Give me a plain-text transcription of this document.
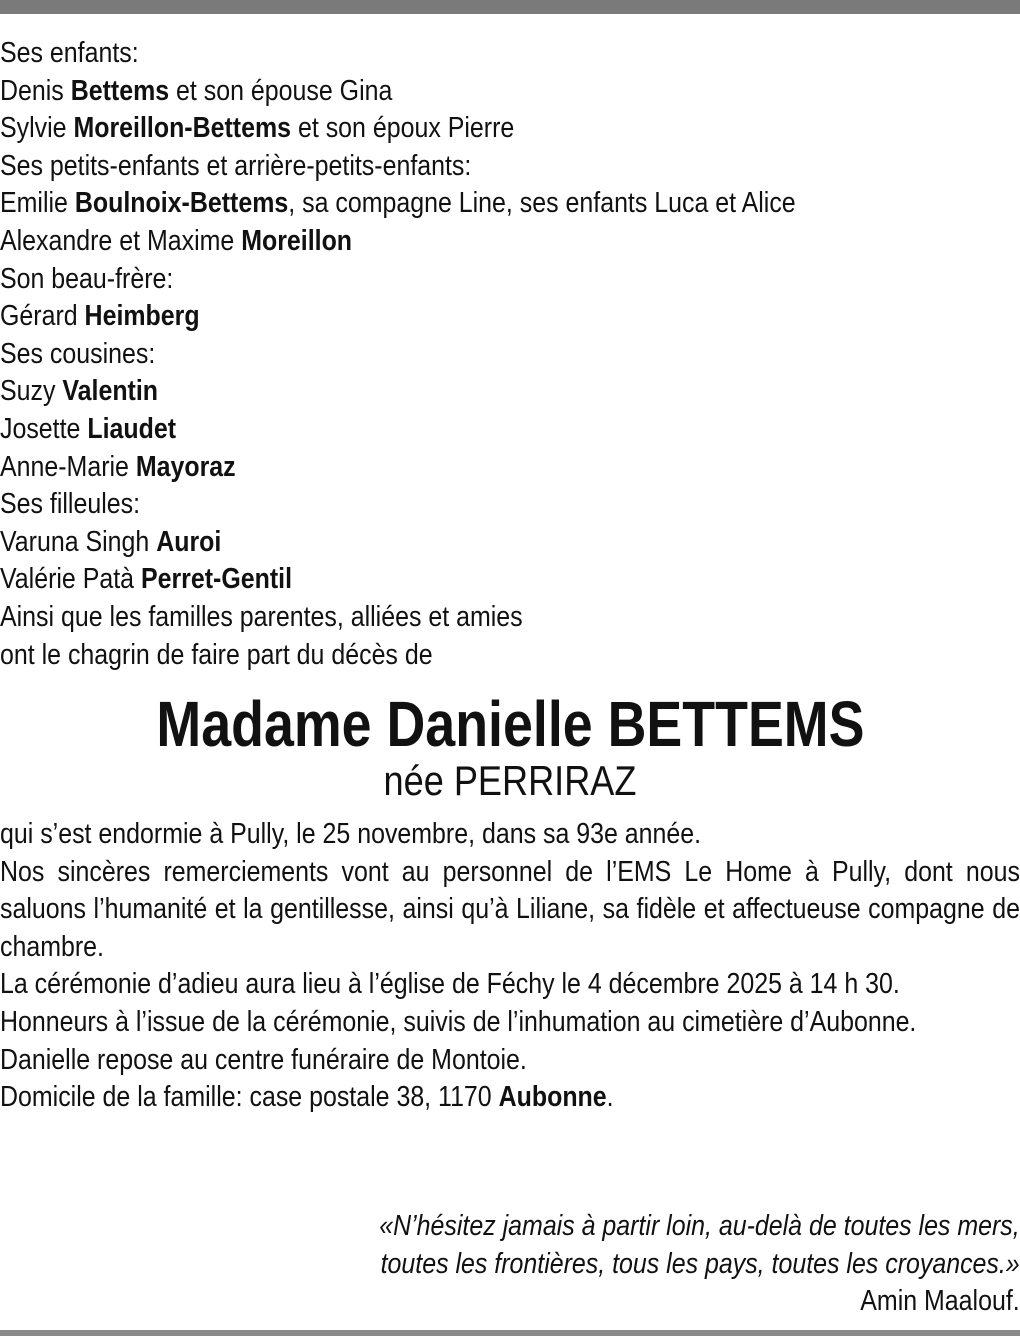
Ses enfants:
Denis Bettems et son épouse Gina
Sylvie Moreillon-Bettems et son époux Pierre
Ses petits-enfants et arrière-petits-enfants:
Emilie Boulnoix-Bettems, sa compagne Line, ses enfants Luca et Alice
Alexandre et Maxime Moreillon
Son beau-frère:
Gérard Heimberg
Ses cousines:
Suzy Valentin
Josette Liaudet
Anne-Marie Mayoraz
Ses filleules:
Varuna Singh Auroi
Valérie Patà Perret-Gentil
Ainsi que les familles parentes, alliées et amies
ont le chagrin de faire part du décès de
Madame Danielle BETTEMS
née PERRIRAZ
qui s’est endormie à Pully, le 25 novembre, dans sa 93e année.
Nos sincères remerciements vont au personnel de l’EMS Le Home à Pully, dont nous saluons l’humanité et la gentillesse, ainsi qu’à Liliane, sa fidèle et affectueuse compagne de chambre.
La cérémonie d’adieu aura lieu à l’église de Féchy le 4 décembre 2025 à 14 h 30.
Honneurs à l’issue de la cérémonie, suivis de l’inhumation au cimetière d’Aubonne.
Danielle repose au centre funéraire de Montoie.
Domicile de la famille: case postale 38, 1170 Aubonne.
«N’hésitez jamais à partir loin, au-delà de toutes les mers,
toutes les frontières, tous les pays, toutes les croyances.»
Amin Maalouf.
